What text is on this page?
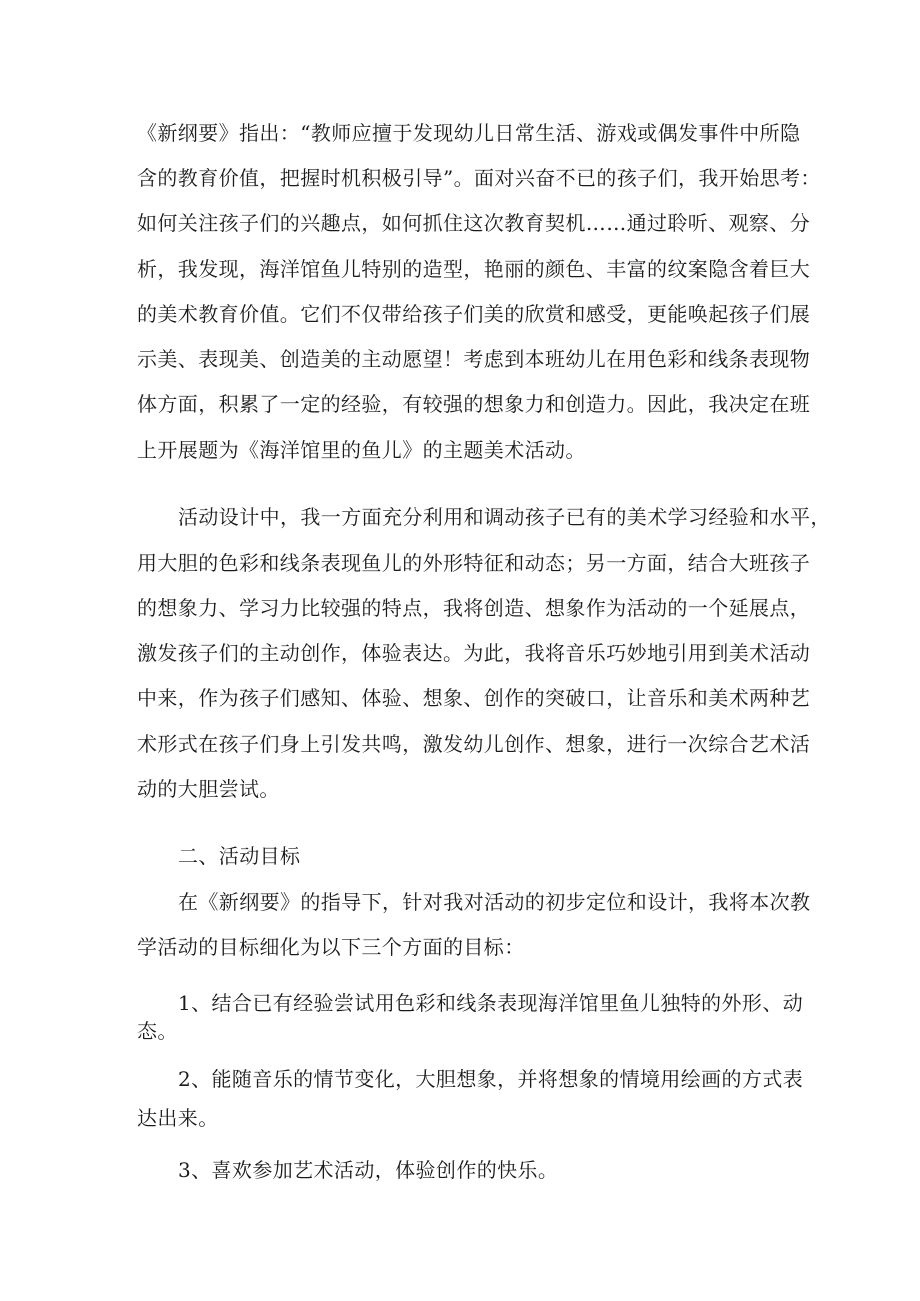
《新纲要》指出：“教师应擅于发现幼儿日常生活、游戏或偶发事件中所隐
含的教育价值，把握时机积极引导”。面对兴奋不已的孩子们，我开始思考：
如何关注孩子们的兴趣点，如何抓住这次教育契机……通过聆听、观察、分
析，我发现，海洋馆鱼儿特别的造型，艳丽的颜色、丰富的纹案隐含着巨大
的美术教育价值。它们不仅带给孩子们美的欣赏和感受，更能唤起孩子们展
示美、表现美、创造美的主动愿望！考虑到本班幼儿在用色彩和线条表现物
体方面，积累了一定的经验，有较强的想象力和创造力。因此，我决定在班
上开展题为《海洋馆里的鱼儿》的主题美术活动。
活动设计中，我一方面充分利用和调动孩子已有的美术学习经验和水平，
用大胆的色彩和线条表现鱼儿的外形特征和动态；另一方面，结合大班孩子
的想象力、学习力比较强的特点，我将创造、想象作为活动的一个延展点，
激发孩子们的主动创作，体验表达。为此，我将音乐巧妙地引用到美术活动
中来，作为孩子们感知、体验、想象、创作的突破口，让音乐和美术两种艺
术形式在孩子们身上引发共鸣，激发幼儿创作、想象，进行一次综合艺术活
动的大胆尝试。
二、活动目标
在《新纲要》的指导下，针对我对活动的初步定位和设计，我将本次教
学活动的目标细化为以下三个方面的目标：
1、结合已有经验尝试用色彩和线条表现海洋馆里鱼儿独特的外形、动
态。
2、能随音乐的情节变化，大胆想象，并将想象的情境用绘画的方式表
达出来。
3、喜欢参加艺术活动，体验创作的快乐。
